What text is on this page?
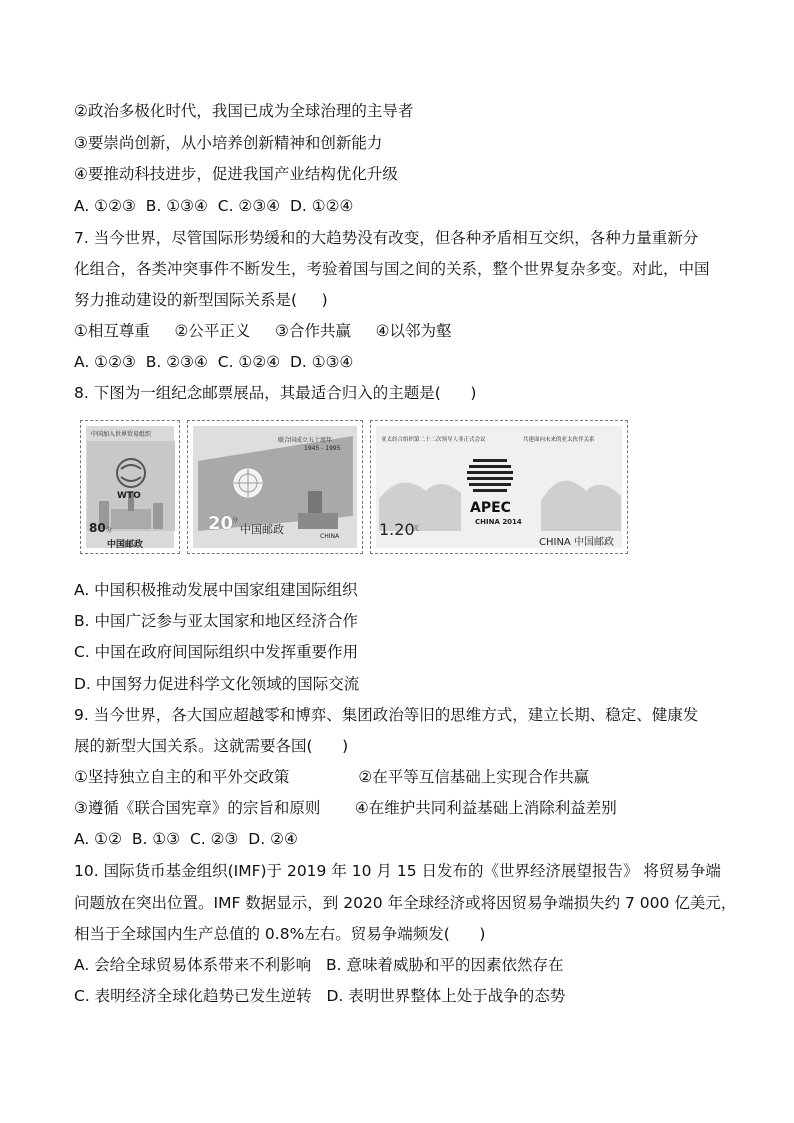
②政治多极化时代，我国已成为全球治理的主导者
③要崇尚创新，从小培养创新精神和创新能力
④要推动科技进步，促进我国产业结构优化升级
A. ①②③  B. ①③④  C. ②③④  D. ①②④
7. 当今世界，尽管国际形势缓和的大趋势没有改变，但各种矛盾相互交织，各种力量重新分
化组合，各类冲突事件不断发生，考验着国与国之间的关系，整个世界复杂多变。对此，中国
努力推动建设的新型国际关系是(     )
①相互尊重     ②公平正义     ③合作共赢     ④以邻为壑
A. ①②③  B. ②③④  C. ①②④  D. ①③④
8. 下图为一组纪念邮票展品，其最适合归入的主题是(      )
中国加入世界贸易组织
WTO
80 分
中国邮政
联合国成立五十周年
1945 - 1995
20
分
中国邮政
CHINA
亚太经合组织第二十二次领导人非正式会议	共建面向未来的亚太伙伴关系
APEC
CHINA 2014
1.20
元
CHINA 中国邮政
A. 中国积极推动发展中国家组建国际组织
B. 中国广泛参与亚太国家和地区经济合作
C. 中国在政府间国际组织中发挥重要作用
D. 中国努力促进科学文化领域的国际交流
9. 当今世界，各大国应超越零和博弈、集团政治等旧的思维方式，建立长期、稳定、健康发
展的新型大国关系。这就需要各国(      )
①坚持独立自主的和平外交政策              ②在平等互信基础上实现合作共赢
③遵循《联合国宪章》的宗旨和原则       ④在维护共同利益基础上消除利益差别
A. ①②  B. ①③  C. ②③  D. ②④
10. 国际货币基金组织(IMF)于 2019 年 10 月 15 日发布的《世界经济展望报告》 将贸易争端
问题放在突出位置。IMF 数据显示，到 2020 年全球经济或将因贸易争端损失约 7 000 亿美元，
相当于全球国内生产总值的 0.8%左右。贸易争端频发(      )
A. 会给全球贸易体系带来不利影响   B. 意味着威胁和平的因素依然存在
C. 表明经济全球化趋势已发生逆转   D. 表明世界整体上处于战争的态势
